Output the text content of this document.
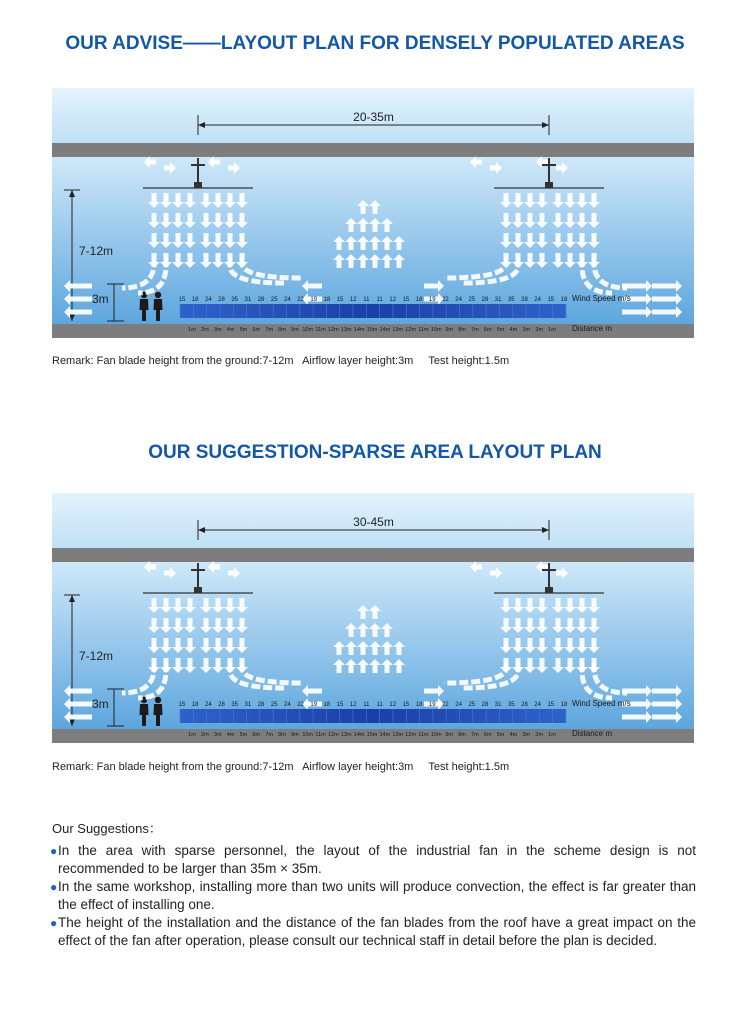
OUR ADVISE——LAYOUT PLAN FOR DENSELY POPULATED AREAS
20-35m
7-12m
3m	15 18 24 28 35 31 28 25 24 22 19 18 15 12 11 11 12 15 18 19 22 24 25 28 31 35 28 24 15 18 Wind Speed m/s
1m 2m 3m 4m 5m 6m 7m 8m 9m 10m 11m 12m 13m 14m 15m 14m 13m 12m 11m 10m 9m 8m 7m 6m 5m 4m 3m 2m 1m Distance m
Remark: Fan blade height from the ground:7-12m   Airflow layer height:3m     Test height:1.5m
OUR SUGGESTION-SPARSE AREA LAYOUT PLAN
30-45m
7-12m
3m	15 18 24 28 35 31 28 25 24 22 19 18 15 12 11 11 12 15 18 19 22 24 25 28 31 35 28 24 15 18 Wind Speed m/s
1m 2m 3m 4m 5m 6m 7m 8m 9m 10m 11m 12m 13m 14m 15m 14m 13m 12m 11m 10m 9m 8m 7m 6m 5m 4m 3m 2m 1m Distance m
Remark: Fan blade height from the ground:7-12m   Airflow layer height:3m     Test height:1.5m
Our Suggestions：
● In the area with sparse personnel, the layout of the industrial fan in the scheme design is not recommended to be larger than 35m × 35m.
● In the same workshop, installing more than two units will produce convection, the effect is far greater than the effect of installing one.
● The height of the installation and the distance of the fan blades from the roof have a great impact on the effect of the fan after operation, please consult our technical staff in detail before the plan is decided.
